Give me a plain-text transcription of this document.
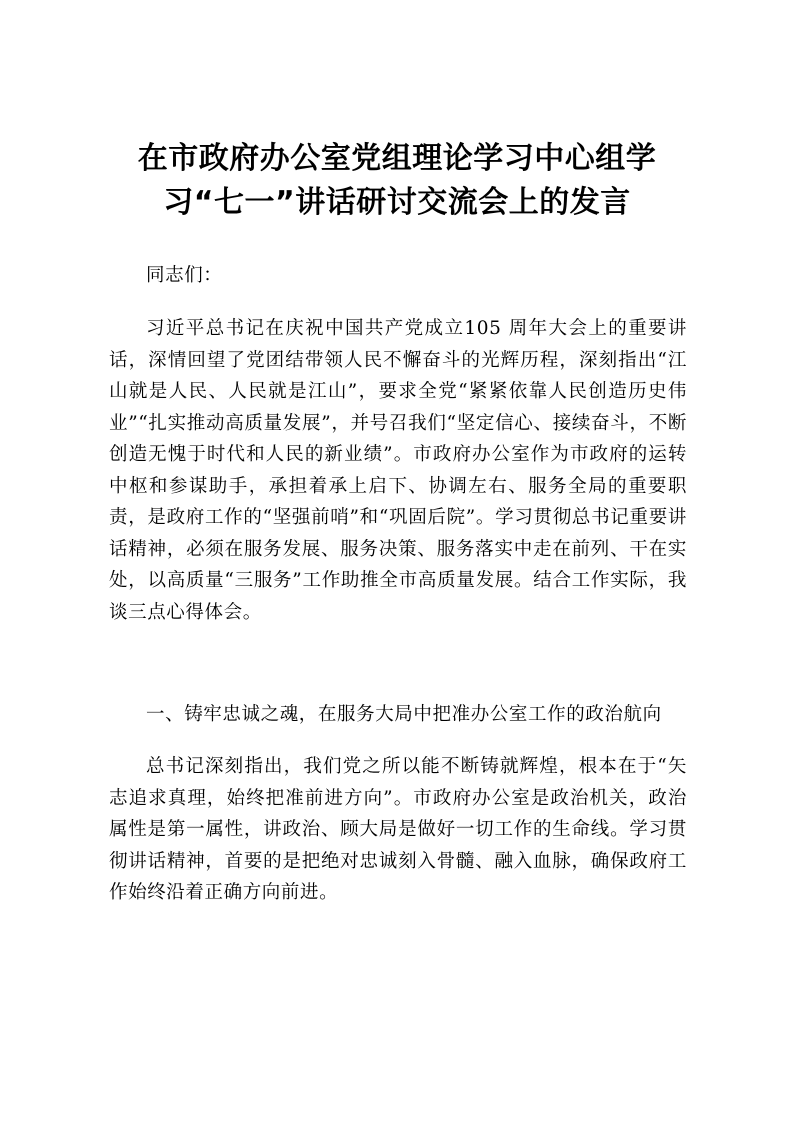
在市政府办公室党组理论学习中心组学习“七一”讲话研讨交流会上的发言

同志们：

习近平总书记在庆祝中国共产党成立105 周年大会上的重要讲话，深情回望了党团结带领人民不懈奋斗的光辉历程，深刻指出“江山就是人民、人民就是江山”，要求全党“紧紧依靠人民创造历史伟业”“扎实推动高质量发展”，并号召我们“坚定信心、接续奋斗，不断创造无愧于时代和人民的新业绩”。市政府办公室作为市政府的运转中枢和参谋助手，承担着承上启下、协调左右、服务全局的重要职责，是政府工作的“坚强前哨”和“巩固后院”。学习贯彻总书记重要讲话精神，必须在服务发展、服务决策、服务落实中走在前列、干在实处，以高质量“三服务”工作助推全市高质量发展。结合工作实际，我谈三点心得体会。

一、铸牢忠诚之魂，在服务大局中把准办公室工作的政治航向

总书记深刻指出，我们党之所以能不断铸就辉煌，根本在于“矢志追求真理，始终把准前进方向”。市政府办公室是政治机关，政治属性是第一属性，讲政治、顾大局是做好一切工作的生命线。学习贯彻讲话精神，首要的是把绝对忠诚刻入骨髓、融入血脉，确保政府工作始终沿着正确方向前进。
